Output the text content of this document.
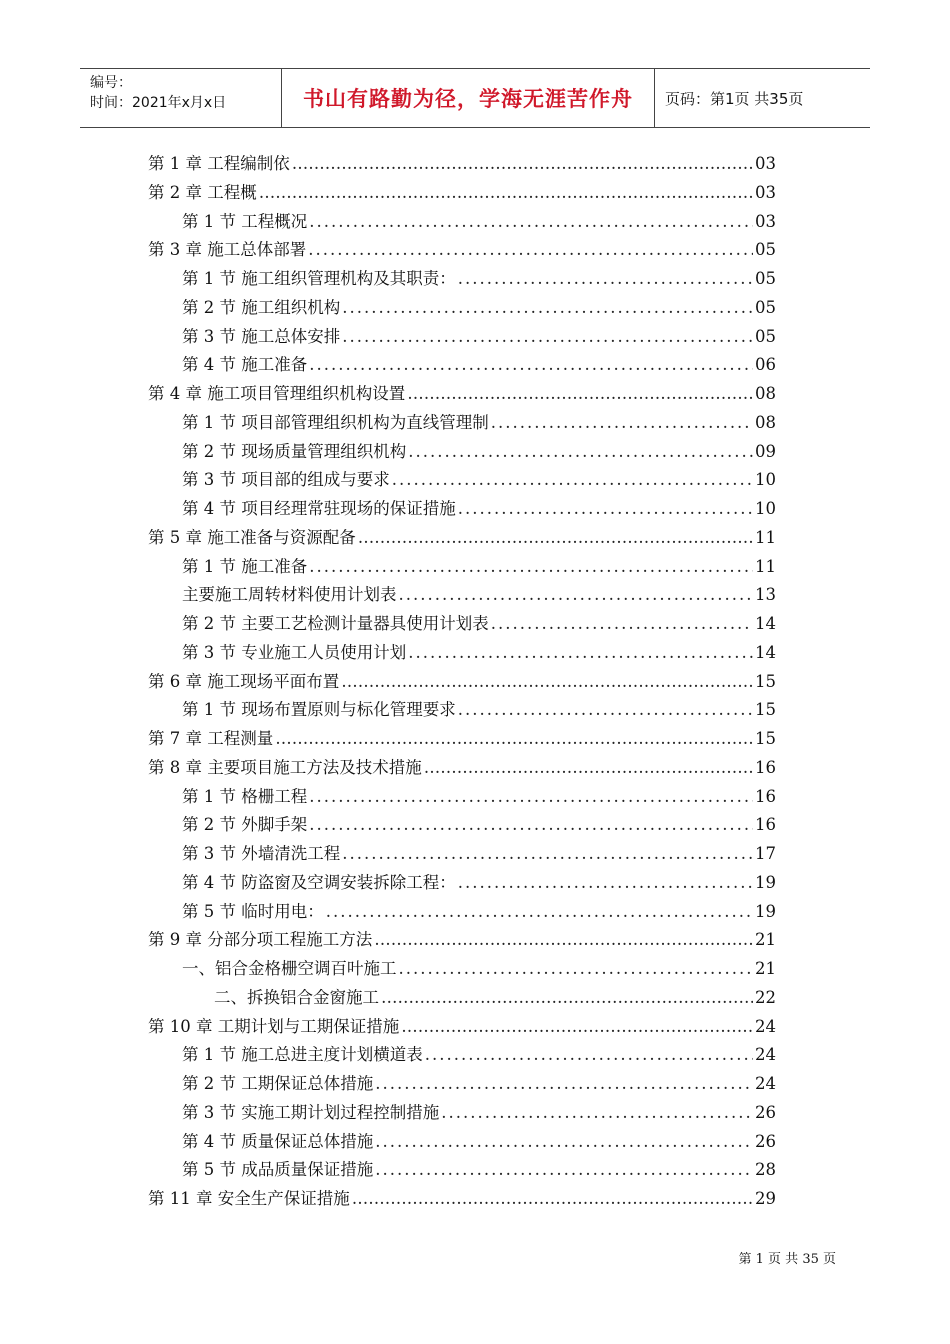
编号：
时间：2021年x月x日	书山有路勤为径，学海无涯苦作舟 页码：第1页 共35页
第 1 章 工程编制依 ……………………………………………………………………………………………………………………………………	03
第 2 章 工程概 ……………………………………………………………………………………………………………………………………	03
第 1 节 工程概况 .....	03
第 3 章 施工总体部署 .....	05
第 1 节 施工组织管理机构及其职责： .....	05
第 2 节 施工组织机构 .....	05
第 3 节 施工总体安排 .....	05
第 4 节 施工准备 .....	06
第 4 章 施工项目管理组织机构设置 ……………………………………………………………………………………………………………………………………	08
第 1 节 项目部管理组织机构为直线管理制 .....	08
第 2 节 现场质量管理组织机构 .....	09
第 3 节 项目部的组成与要求 .....	10
第 4 节 项目经理常驻现场的保证措施 .....	10
第 5 章 施工准备与资源配备 ……………………………………………………………………………………………………………………………………	11
第 1 节 施工准备 .....	11
主要施工周转材料使用计划表 .....	13
第 2 节 主要工艺检测计量器具使用计划表 .....	14
第 3 节 专业施工人员使用计划 .....	14
第 6 章 施工现场平面布置 ……………………………………………………………………………………………………………………………………	15
第 1 节 现场布置原则与标化管理要求 .....	15
第 7 章 工程测量 ……………………………………………………………………………………………………………………………………	15
第 8 章 主要项目施工方法及技术措施 ……………………………………………………………………………………………………………………………………	16
第 1 节 格栅工程 .....	16
第 2 节 外脚手架 .....	16
第 3 节 外墙清洗工程 .....	17
第 4 节 防盗窗及空调安装拆除工程： .....	19
第 5 节 临时用电： .....	19
第 9 章 分部分项工程施工方法 ……………………………………………………………………………………………………………………………………	21
一、铝合金格栅空调百叶施工 .....	21
二、拆换铝合金窗施工 ……………………………………………………………………………………………………………………………………	22
第 10 章 工期计划与工期保证措施 ……………………………………………………………………………………………………………………………………	24
第 1 节 施工总进主度计划横道表 .....	24
第 2 节 工期保证总体措施 .....	24
第 3 节 实施工期计划过程控制措施 .....	26
第 4 节 质量保证总体措施 .....	26
第 5 节 成品质量保证措施 .....	28
第 11 章 安全生产保证措施 ……………………………………………………………………………………………………………………………………	29
第 1 页 共 35 页
